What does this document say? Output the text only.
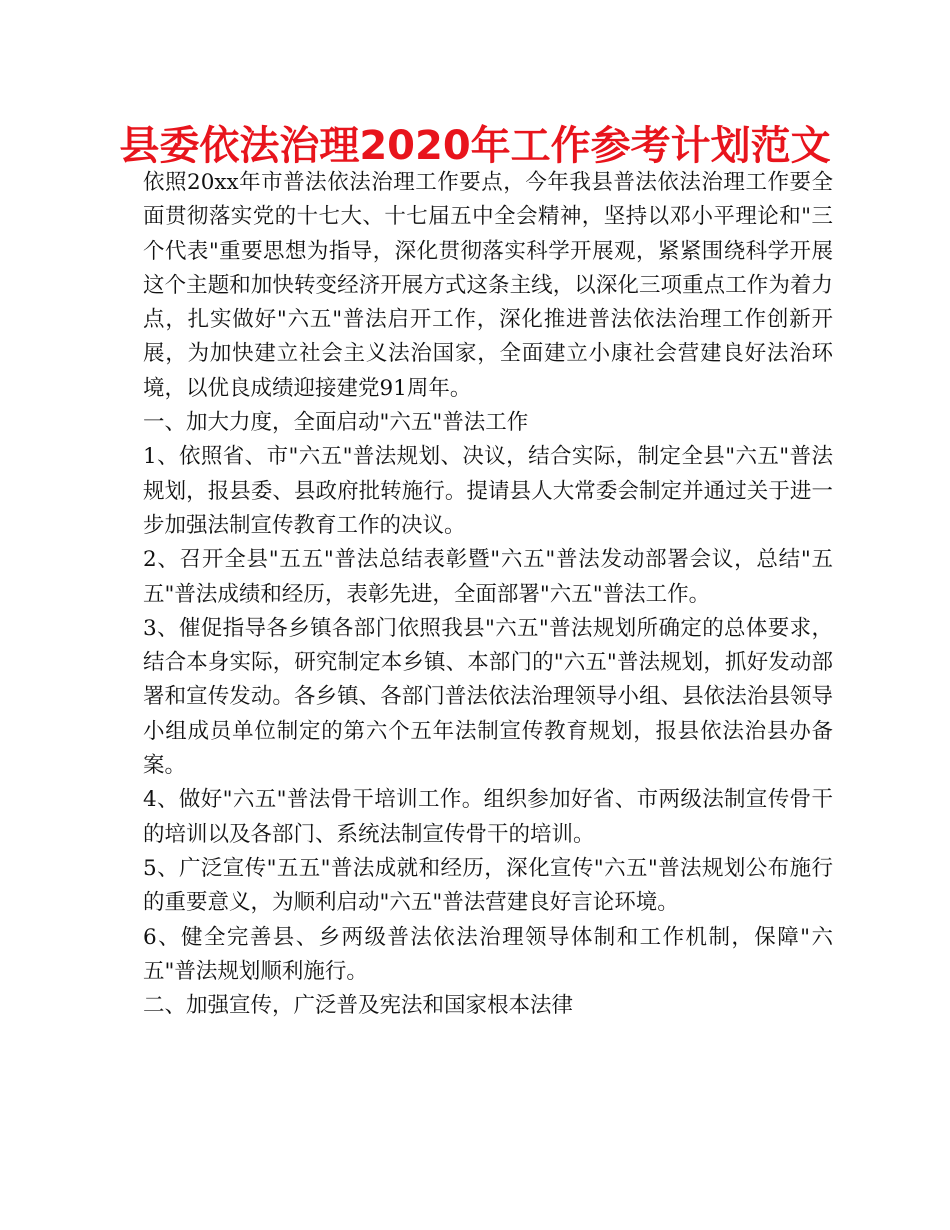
县委依法治理2020年工作参考计划范文

依照20xx年市普法依法治理工作要点，今年我县普法依法治理工作要全面贯彻落实党的十七大、十七届五中全会精神，坚持以邓小平理论和"三个代表"重要思想为指导，深化贯彻落实科学开展观，紧紧围绕科学开展这个主题和加快转变经济开展方式这条主线，以深化三项重点工作为着力点，扎实做好"六五"普法启开工作，深化推进普法依法治理工作创新开展，为加快建立社会主义法治国家，全面建立小康社会营建良好法治环境，以优良成绩迎接建党91周年。

一、加大力度，全面启动"六五"普法工作

1、依照省、市"六五"普法规划、决议，结合实际，制定全县"六五"普法规划，报县委、县政府批转施行。提请县人大常委会制定并通过关于进一步加强法制宣传教育工作的决议。

2、召开全县"五五"普法总结表彰暨"六五"普法发动部署会议，总结"五五"普法成绩和经历，表彰先进，全面部署"六五"普法工作。

3、催促指导各乡镇各部门依照我县"六五"普法规划所确定的总体要求，结合本身实际，研究制定本乡镇、本部门的"六五"普法规划，抓好发动部署和宣传发动。各乡镇、各部门普法依法治理领导小组、县依法治县领导小组成员单位制定的第六个五年法制宣传教育规划，报县依法治县办备案。

4、做好"六五"普法骨干培训工作。组织参加好省、市两级法制宣传骨干的培训以及各部门、系统法制宣传骨干的培训。

5、广泛宣传"五五"普法成就和经历，深化宣传"六五"普法规划公布施行的重要意义，为顺利启动"六五"普法营建良好言论环境。

6、健全完善县、乡两级普法依法治理领导体制和工作机制，保障"六五"普法规划顺利施行。

二、加强宣传，广泛普及宪法和国家根本法律
